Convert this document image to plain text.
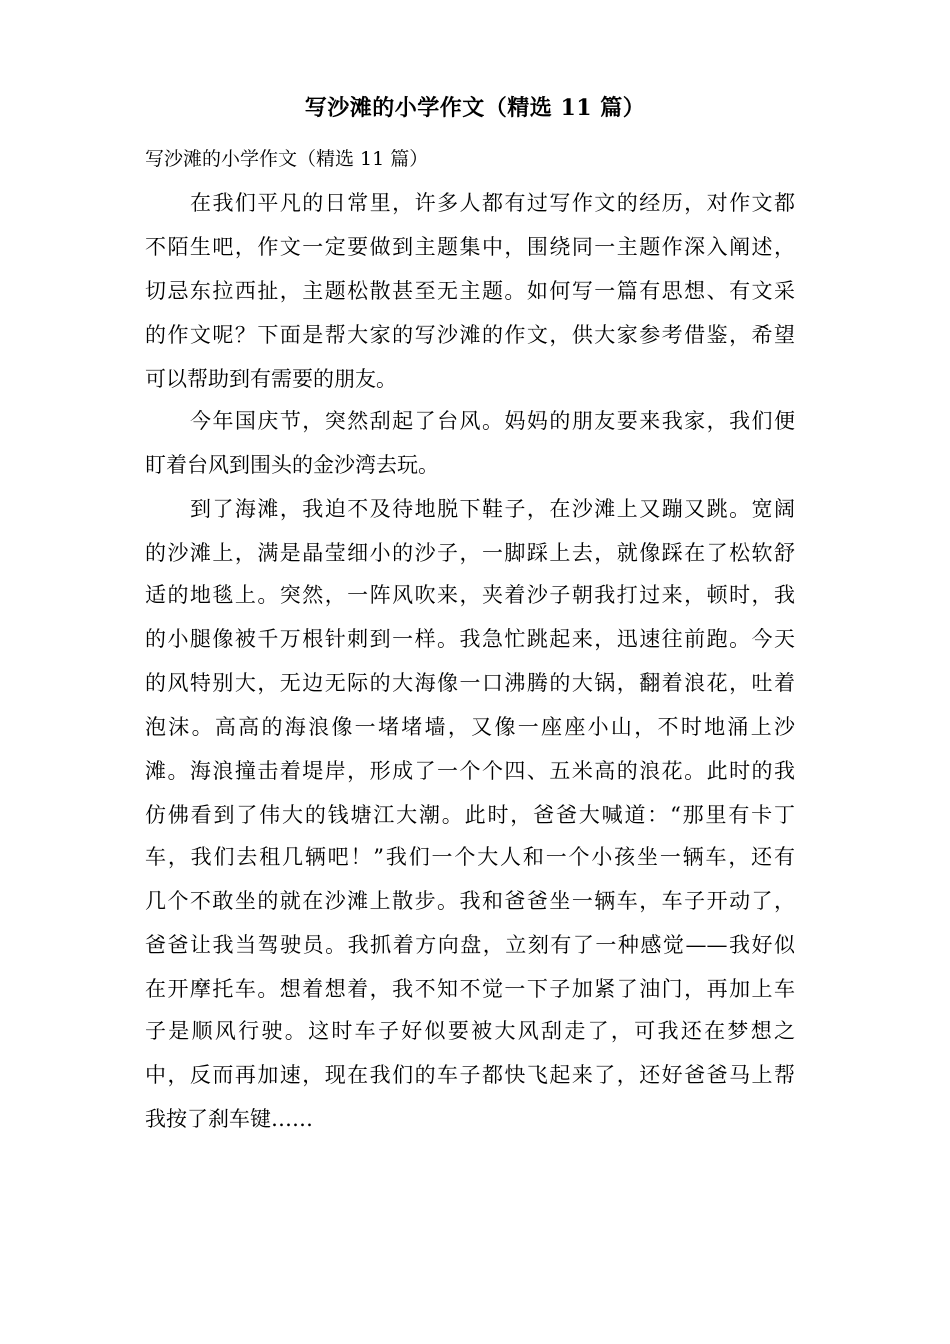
写沙滩的小学作文（精选 11 篇）
写沙滩的小学作文（精选 11 篇）
在我们平凡的日常里，许多人都有过写作文的经历，对作文都
不陌生吧，作文一定要做到主题集中，围绕同一主题作深入阐述，
切忌东拉西扯，主题松散甚至无主题。如何写一篇有思想、有文采
的作文呢？下面是帮大家的写沙滩的作文，供大家参考借鉴，希望
可以帮助到有需要的朋友。
今年国庆节，突然刮起了台风。妈妈的朋友要来我家，我们便
盯着台风到围头的金沙湾去玩。
到了海滩，我迫不及待地脱下鞋子，在沙滩上又蹦又跳。宽阔
的沙滩上，满是晶莹细小的沙子，一脚踩上去，就像踩在了松软舒
适的地毯上。突然，一阵风吹来，夹着沙子朝我打过来，顿时，我
的小腿像被千万根针刺到一样。我急忙跳起来，迅速往前跑。今天
的风特别大，无边无际的大海像一口沸腾的大锅，翻着浪花，吐着
泡沫。高高的海浪像一堵堵墙，又像一座座小山，不时地涌上沙
滩。海浪撞击着堤岸，形成了一个个四、五米高的浪花。此时的我
仿佛看到了伟大的钱塘江大潮。此时，爸爸大喊道：“那里有卡丁
车，我们去租几辆吧！”我们一个大人和一个小孩坐一辆车，还有
几个不敢坐的就在沙滩上散步。我和爸爸坐一辆车，车子开动了，
爸爸让我当驾驶员。我抓着方向盘，立刻有了一种感觉——我好似
在开摩托车。想着想着，我不知不觉一下子加紧了油门，再加上车
子是顺风行驶。这时车子好似要被大风刮走了，可我还在梦想之
中，反而再加速，现在我们的车子都快飞起来了，还好爸爸马上帮
我按了刹车键……
